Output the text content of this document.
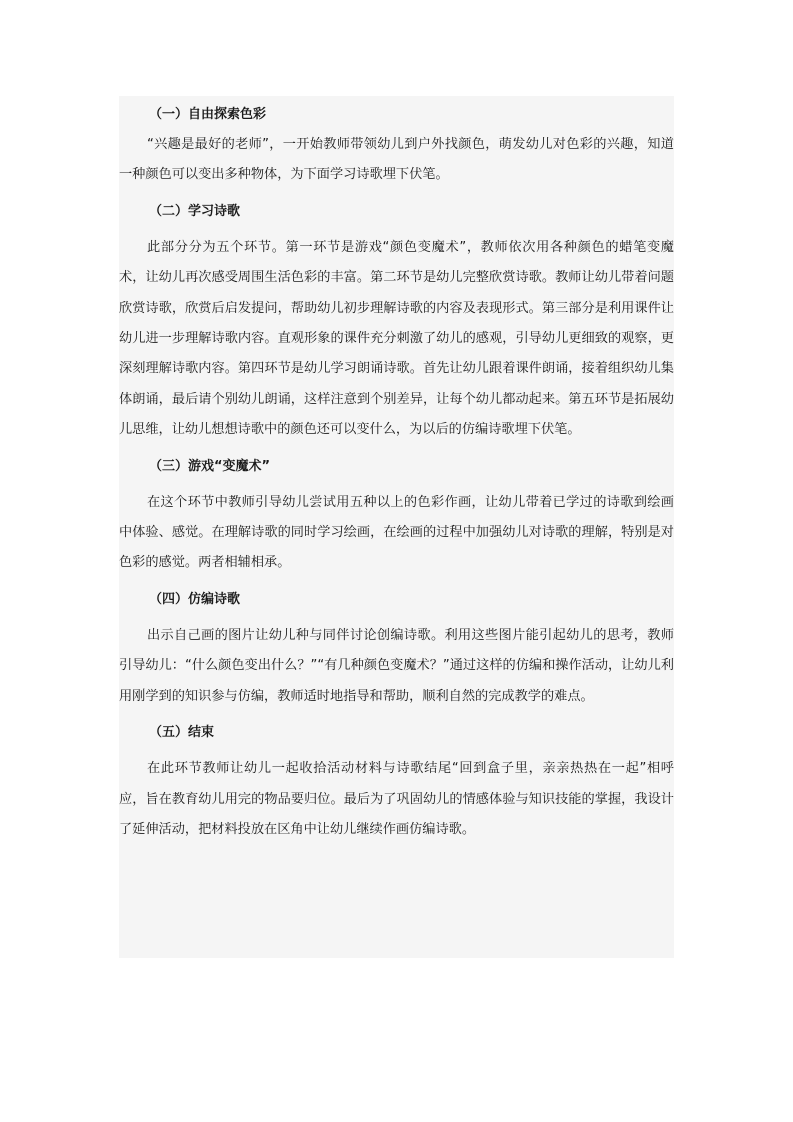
（一）自由探索色彩

“兴趣是最好的老师”，一开始教师带领幼儿到户外找颜色，萌发幼儿对色彩的兴趣，知道一种颜色可以变出多种物体，为下面学习诗歌埋下伏笔。

（二）学习诗歌

此部分分为五个环节。第一环节是游戏“颜色变魔术”，教师依次用各种颜色的蜡笔变魔术，让幼儿再次感受周围生活色彩的丰富。第二环节是幼儿完整欣赏诗歌。教师让幼儿带着问题欣赏诗歌，欣赏后启发提问，帮助幼儿初步理解诗歌的内容及表现形式。第三部分是利用课件让幼儿进一步理解诗歌内容。直观形象的课件充分刺激了幼儿的感观，引导幼儿更细致的观察，更深刻理解诗歌内容。第四环节是幼儿学习朗诵诗歌。首先让幼儿跟着课件朗诵，接着组织幼儿集体朗诵，最后请个别幼儿朗诵，这样注意到个别差异，让每个幼儿都动起来。第五环节是拓展幼儿思维，让幼儿想想诗歌中的颜色还可以变什么，为以后的仿编诗歌埋下伏笔。

（三）游戏“变魔术”

在这个环节中教师引导幼儿尝试用五种以上的色彩作画，让幼儿带着已学过的诗歌到绘画中体验、感觉。在理解诗歌的同时学习绘画，在绘画的过程中加强幼儿对诗歌的理解，特别是对色彩的感觉。两者相辅相承。

（四）仿编诗歌

出示自己画的图片让幼儿种与同伴讨论创编诗歌。利用这些图片能引起幼儿的思考，教师引导幼儿：“什么颜色变出什么？”“有几种颜色变魔术？”通过这样的仿编和操作活动，让幼儿利用刚学到的知识参与仿编，教师适时地指导和帮助，顺利自然的完成教学的难点。

（五）结束

在此环节教师让幼儿一起收拾活动材料与诗歌结尾“回到盒子里，亲亲热热在一起”相呼应，旨在教育幼儿用完的物品要归位。最后为了巩固幼儿的情感体验与知识技能的掌握，我设计了延伸活动，把材料投放在区角中让幼儿继续作画仿编诗歌。
